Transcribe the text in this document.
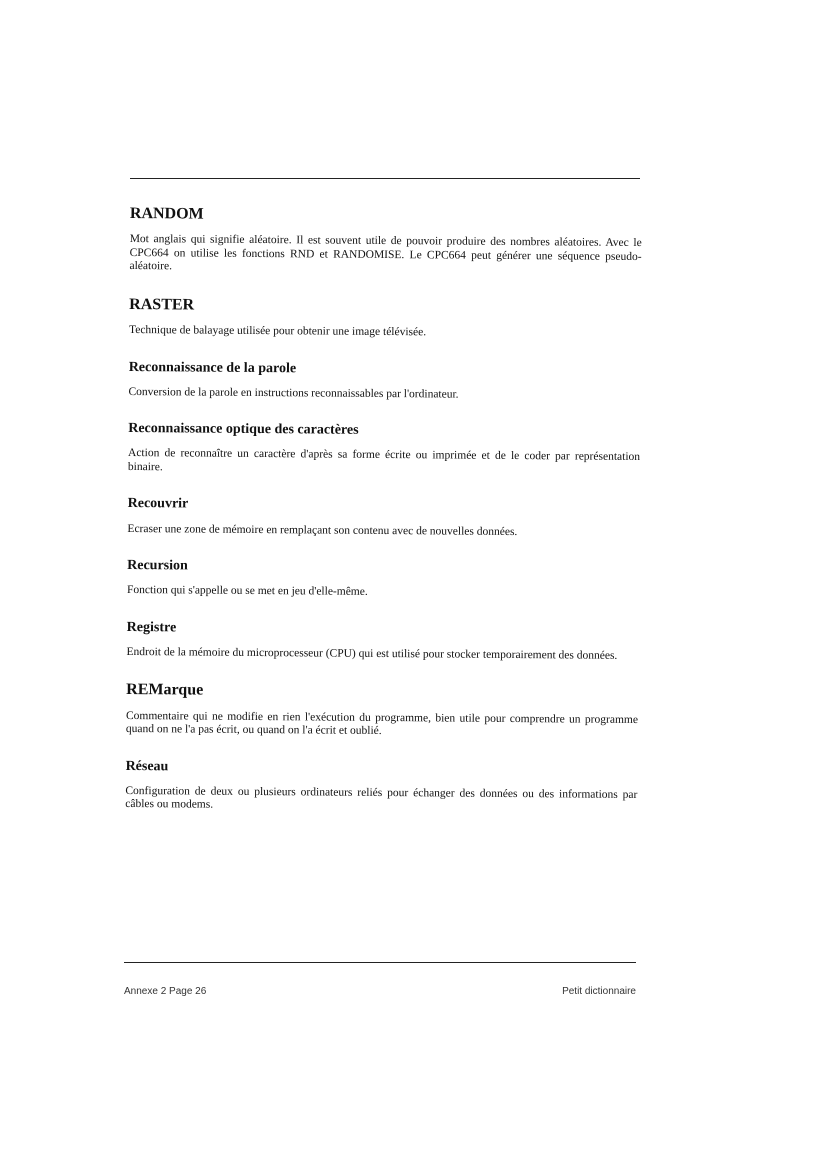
RANDOM

Mot anglais qui signifie aléatoire. Il est souvent utile de pouvoir produire des nombres aléatoires. Avec le CPC664 on utilise les fonctions RND et RANDOMISE. Le CPC664 peut générer une séquence pseudo-aléatoire.

RASTER

Technique de balayage utilisée pour obtenir une image télévisée.

Reconnaissance de la parole

Conversion de la parole en instructions reconnaissables par l'ordinateur.

Reconnaissance optique des caractères

Action de reconnaître un caractère d'après sa forme écrite ou imprimée et de le coder par représentation binaire.

Recouvrir

Ecraser une zone de mémoire en remplaçant son contenu avec de nouvelles données.

Recursion

Fonction qui s'appelle ou se met en jeu d'elle-même.

Registre

Endroit de la mémoire du microprocesseur (CPU) qui est utilisé pour stocker temporairement des données.

REMarque

Commentaire qui ne modifie en rien l'exécution du programme, bien utile pour comprendre un programme quand on ne l'a pas écrit, ou quand on l'a écrit et oublié.

Réseau

Configuration de deux ou plusieurs ordinateurs reliés pour échanger des données ou des informations par câbles ou modems.

Annexe 2 Page 26	Petit dictionnaire
